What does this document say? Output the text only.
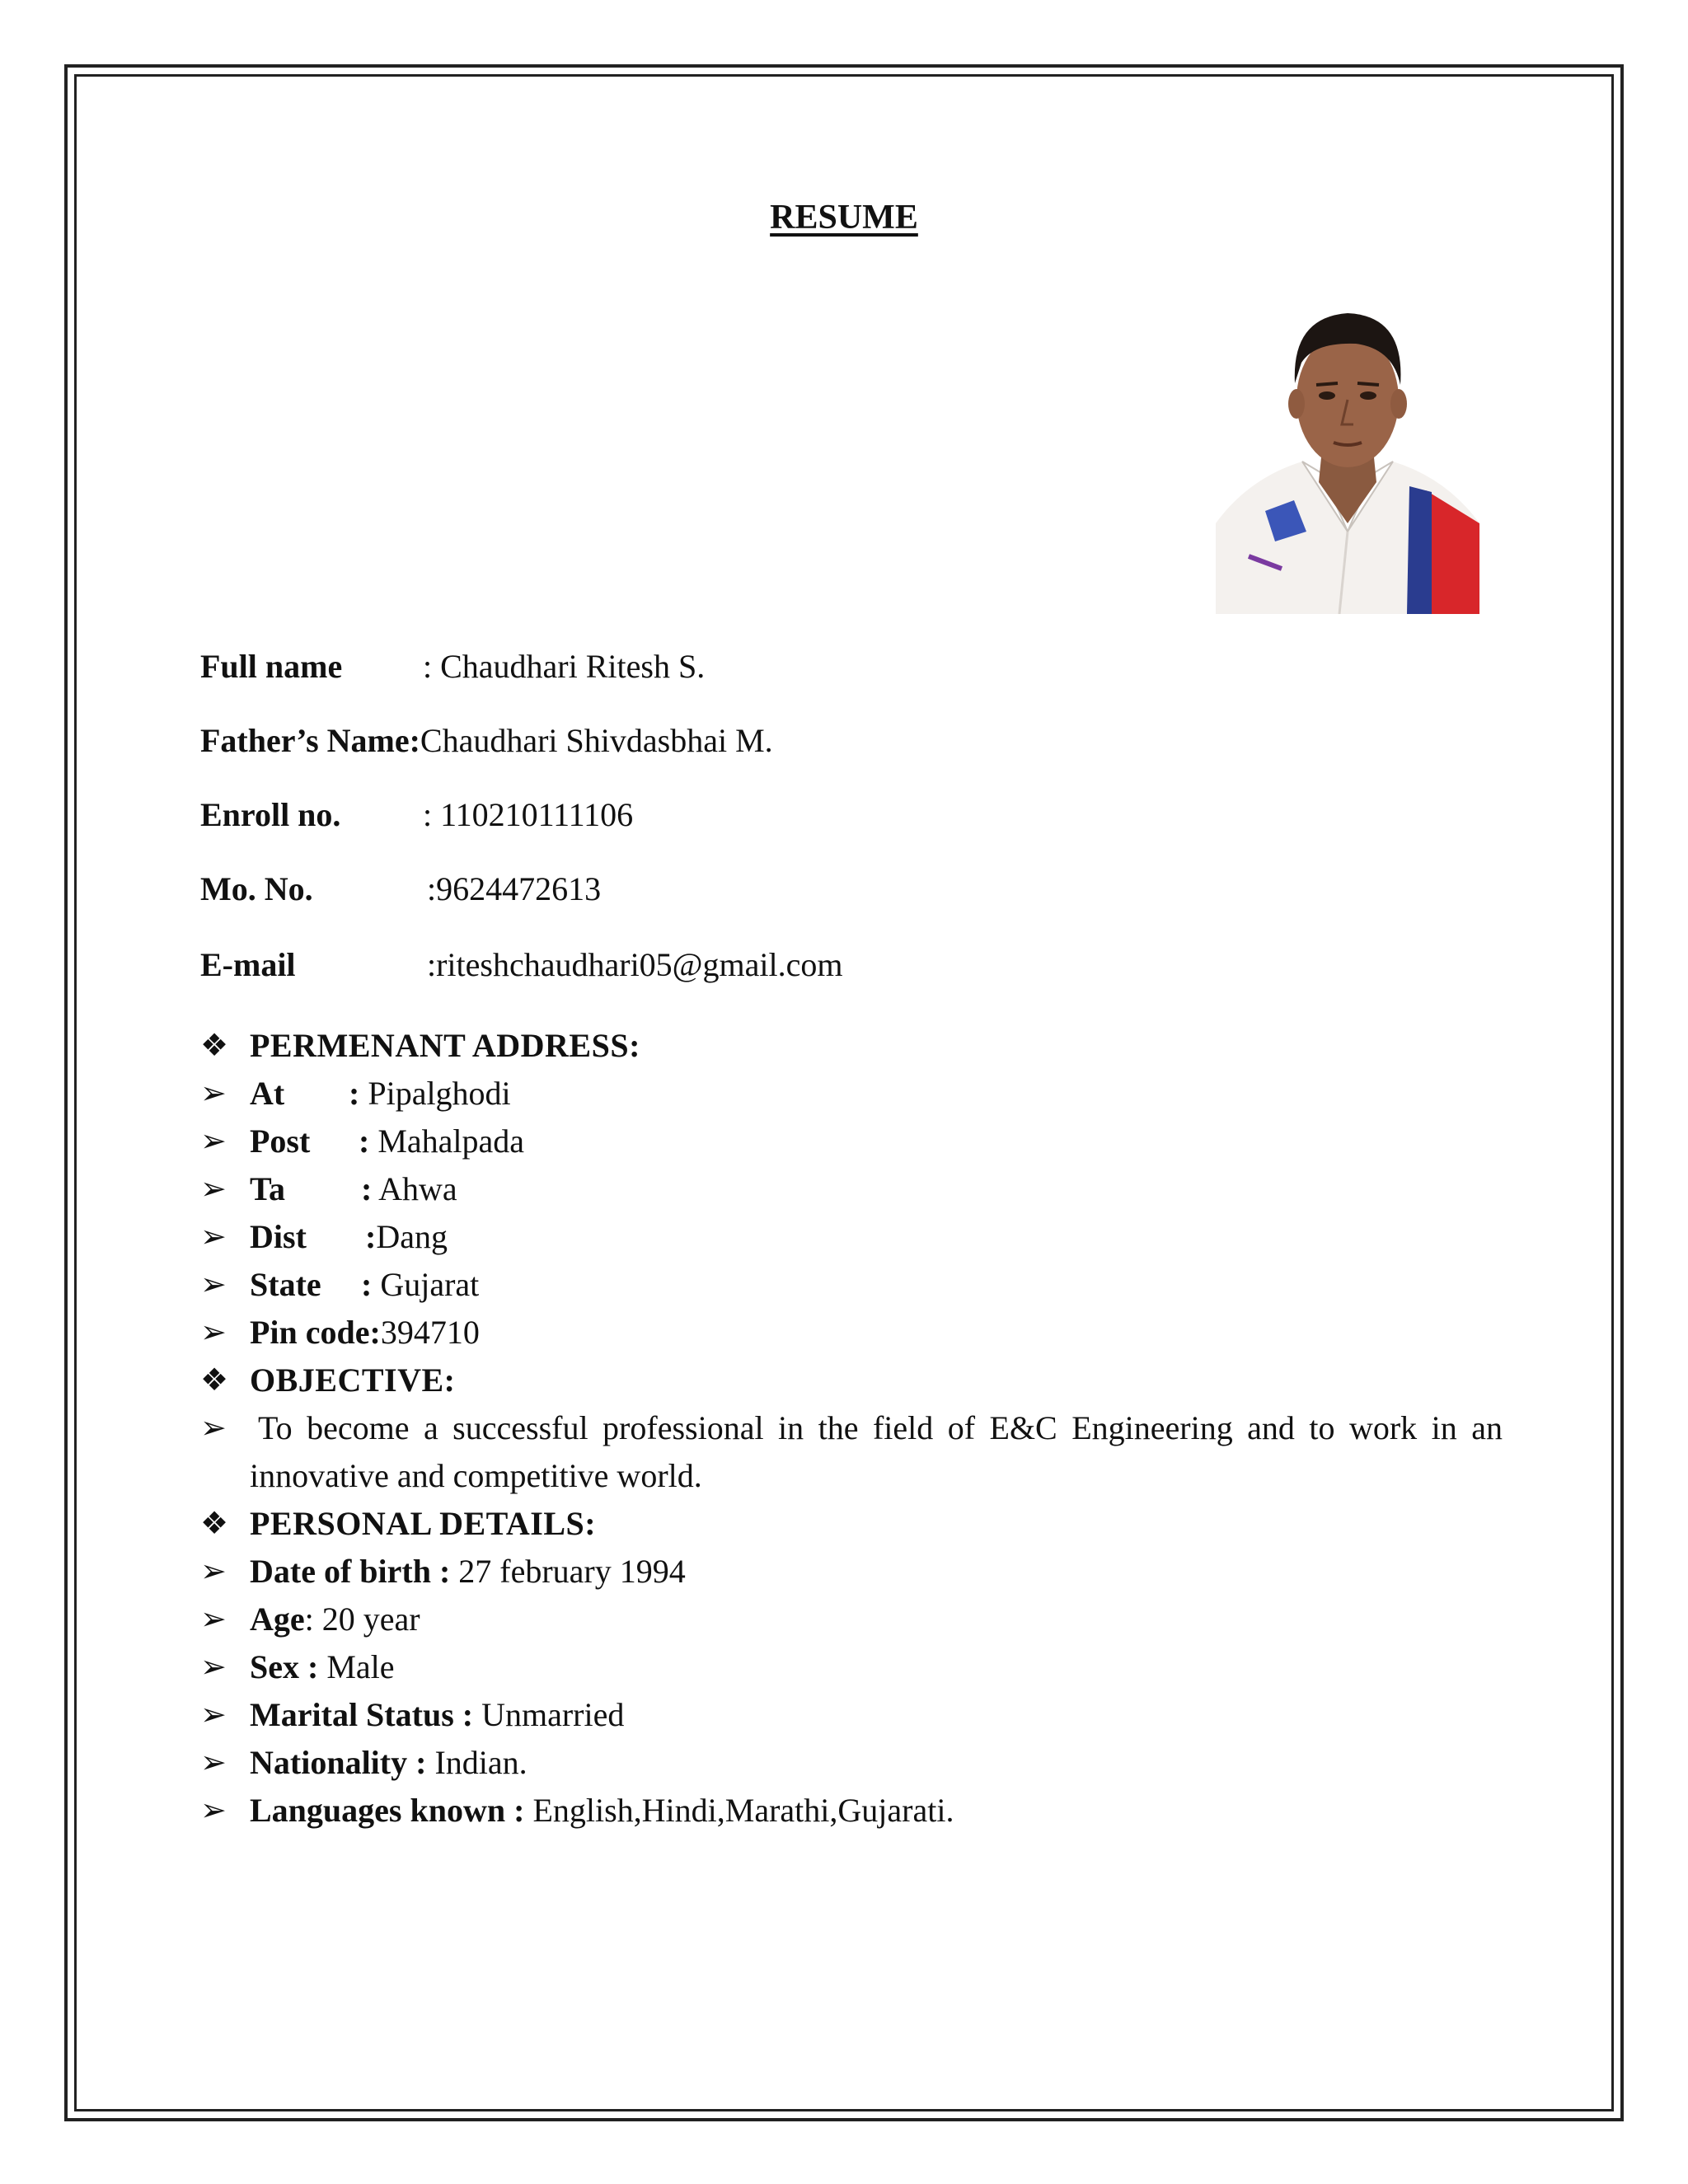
RESUME
Full name : Chaudhari Ritesh S.
Father’s Name:Chaudhari Shivdasbhai M.
Enroll no. : 110210111106
Mo. No.	:9624472613
E-mail	:riteshchaudhari05@gmail.com
❖ PERMENANT ADDRESS:
➢ At : Pipalghodi
➢ Post : Mahalpada
➢ Ta : Ahwa
➢ Dist :Dang
➢ State : Gujarat
➢ Pin code:394710
❖ OBJECTIVE:
➢ To become a successful professional in the field of E&C Engineering and to work in an innovative and competitive world.
❖ PERSONAL DETAILS:
➢ Date of birth : 27 february 1994
➢ Age: 20 year
➢ Sex : Male
➢ Marital Status : Unmarried
➢ Nationality : Indian.
➢ Languages known : English,Hindi,Marathi,Gujarati.
